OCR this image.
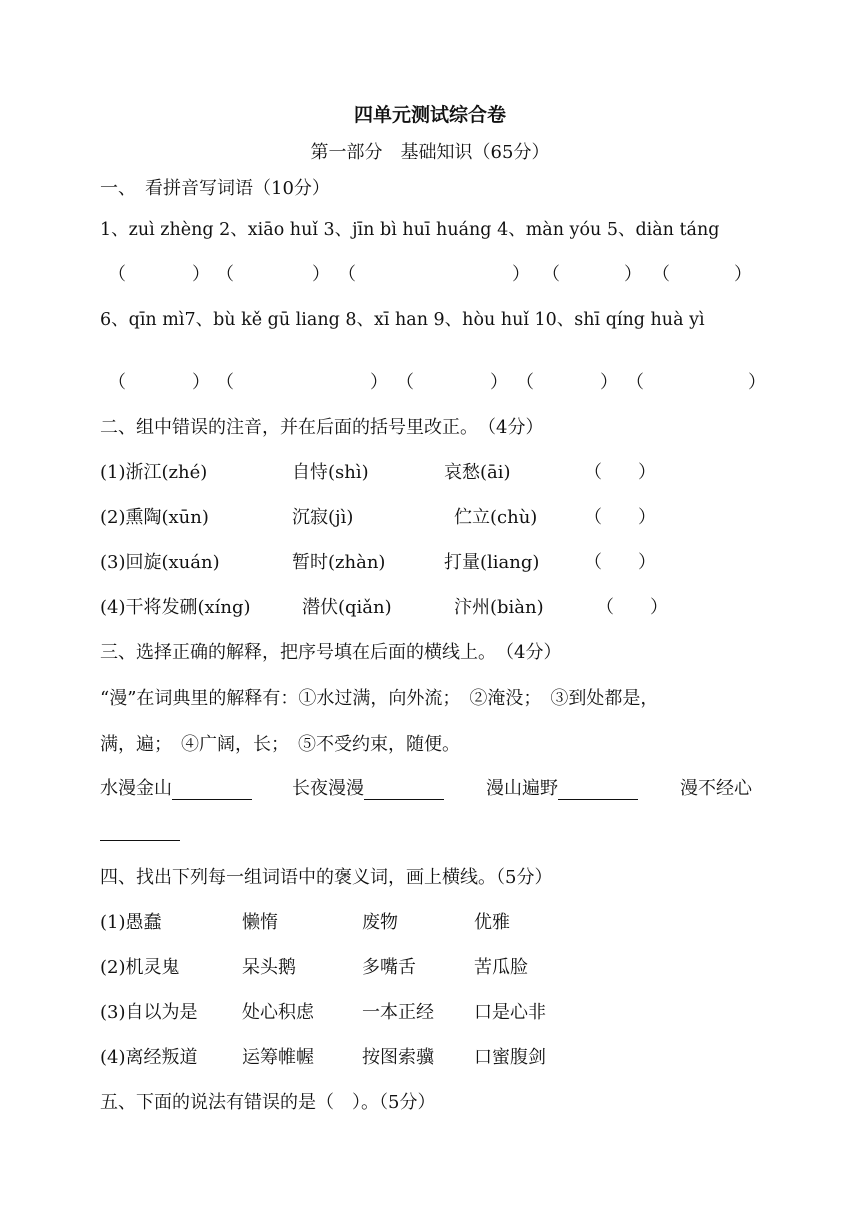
四单元测试综合卷
第一部分　基础知识（65分）
一、　看拼音写词语（10分）
1、zuì zhèng 2、xiāo huǐ 3、jīn bì huī huáng 4、màn yóu 5、diàn táng
（	） （	） （	） （	） （	）
6、qīn mì7、bù kě gū liang 8、xī han 9、hòu huǐ 10、shī qíng huà yì
（	） （	） （	） （	） （	）
二、组中错误的注音，并在后面的括号里改正。　（4分）
(1)浙江(zhé)	自恃(shì)	哀愁(āi)	（　　）
(2)熏陶(xūn)	沉寂(jì)	伫立(chù)	（　　）
(3)回旋(xuán)	暂时(zhàn)	打量(liang) （　　）
(4)干将发硎(xíng)	潜伏(qiǎn)	汴州(biàn)	（　　）
三、选择正确的解释，把序号填在后面的横线上。　（4分）
“漫”在词典里的解释有：①水过满，向外流；　②淹没；　③到处都是，
满，遍；　④广阔，长；　⑤不受约束，随便。
水漫金山	长夜漫漫	漫山遍野	漫不经心
四、找出下列每一组词语中的褒义词，画上横线。（5分）
(1)愚蠢	懒惰	废物	优雅
(2)机灵鬼	呆头鹅	多嘴舌	苦瓜脸
(3)自以为是 处心积虑	一本正经 口是心非
(4)离经叛道 运筹帷幄	按图索骥 口蜜腹剑
五、下面的说法有错误的是（　）。（5分）
